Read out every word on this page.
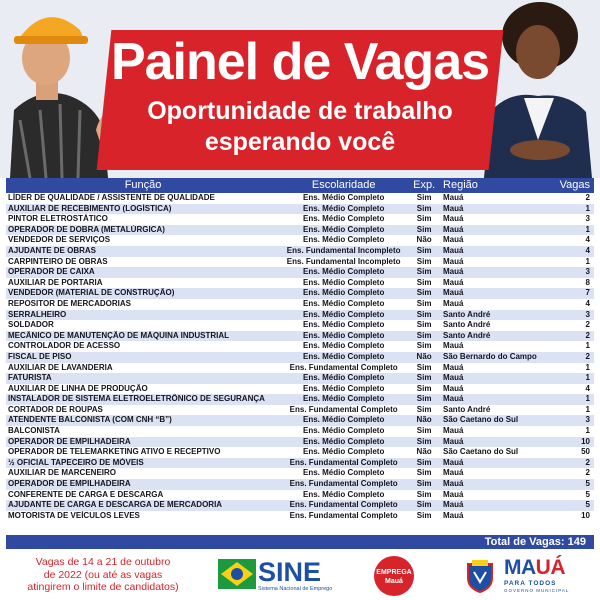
Painel de Vagas
Oportunidade de trabalho
esperando você
Função	Escolaridade	Exp. Região	Vagas
LÍDER DE QUALIDADE / ASSISTENTE DE QUALIDADE	Ens. Médio Completo	Sim	Mauá	2
AUXILIAR DE RECEBIMENTO (LOGÍSTICA)	Ens. Médio Completo	Sim	Mauá	1
PINTOR ELETROSTÁTICO	Ens. Médio Completo	Sim	Mauá	3
OPERADOR DE DOBRA (METALÚRGICA)	Ens. Médio Completo	Sim	Mauá	1
VENDEDOR DE SERVIÇOS	Ens. Médio Completo	Não	Mauá	4
AJUDANTE DE OBRAS	Ens. Fundamental Incompleto	Sim	Mauá	4
CARPINTEIRO DE OBRAS	Ens. Fundamental Incompleto	Sim	Mauá	1
OPERADOR DE CAIXA	Ens. Médio Completo	Sim	Mauá	3
AUXILIAR DE PORTARIA	Ens. Médio Completo	Sim	Mauá	8
VENDEDOR (MATERIAL DE CONSTRUÇÃO)	Ens. Médio Completo	Sim	Mauá	7
REPOSITOR DE MERCADORIAS	Ens. Médio Completo	Sim	Mauá	4
SERRALHEIRO	Ens. Médio Completo	Sim	Santo André	3
SOLDADOR	Ens. Médio Completo	Sim	Santo André	2
MECÂNICO DE MANUTENÇÃO DE MÁQUINA INDUSTRIAL	Ens. Médio Completo	Sim	Santo André	2
CONTROLADOR DE ACESSO	Ens. Médio Completo	Sim	Mauá	1
FISCAL DE PISO	Ens. Médio Completo	Não	São Bernardo do Campo	2
AUXILIAR DE LAVANDERIA	Ens. Fundamental Completo	Sim	Mauá	1
FATURISTA	Ens. Médio Completo	Sim	Mauá	1
AUXILIAR DE LINHA DE PRODUÇÃO	Ens. Médio Completo	Sim	Mauá	4
INSTALADOR DE SISTEMA ELETROELETRÔNICO DE SEGURANÇA	Ens. Médio Completo	Sim	Mauá	1
CORTADOR DE ROUPAS	Ens. Fundamental Completo	Sim	Santo André	1
ATENDENTE BALCONISTA (COM CNH “B”)	Ens. Médio Completo	Não	São Caetano do Sul	3
BALCONISTA	Ens. Médio Completo	Sim	Mauá	1
OPERADOR DE EMPILHADEIRA	Ens. Médio Completo	Sim	Mauá	10
OPERADOR DE TELEMARKETING ATIVO E RECEPTIVO	Ens. Médio Completo	Não	São Caetano do Sul	50
½ OFICIAL TAPECEIRO DE MÓVEIS	Ens. Fundamental Completo	Sim	Mauá	2
AUXILIAR DE MARCENEIRO	Ens. Médio Completo	Sim	Mauá	2
OPERADOR DE EMPILHADEIRA	Ens. Fundamental Completo	Sim	Mauá	5
CONFERENTE DE CARGA E DESCARGA	Ens. Médio Completo	Sim	Mauá	5
AJUDANTE DE CARGA E DESCARGA DE MERCADORIA	Ens. Fundamental Completo	Sim	Mauá	5
MOTORISTA DE VEÍCULOS LEVES	Ens. Fundamental Completo	Sim	Mauá	10
Total de Vagas: 149
Vagas de 14 a 21 de outubro
de 2022 (ou até as vagas
atingirem o limite de candidatos)	SINE
Sistema Nacional de Emprego
EMPREGA
Mauá
MAUÁ
PARA TODOS
GOVERNO MUNICIPAL
